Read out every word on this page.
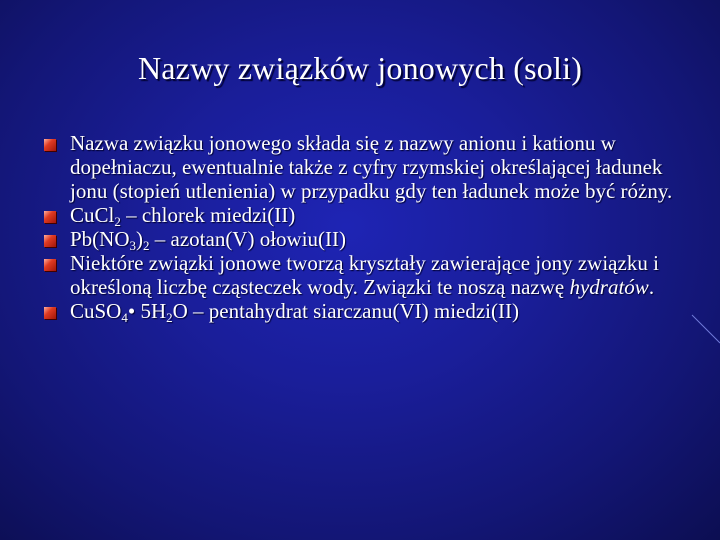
Nazwy związków jonowych (soli)
Nazwa związku jonowego składa się z nazwy anionu i kationu w dopełniaczu, ewentualnie także z cyfry rzymskiej określającej ładunek jonu (stopień utlenienia) w przypadku gdy ten ładunek może być różny.
CuCl$_2$ – chlorek miedzi(II)
$Pb(NO_3)_2 - azotan(V)$ ołowiu(II)
Niektóre związki jonowe tworzą kryształy zawierające jony związku i określoną liczbę cząsteczek wody. Związki te noszą nazwę hydratów.
CuSO$_4$• $5H_2O$ – pentahydrat siarczanu(VI) miedzi(II)
